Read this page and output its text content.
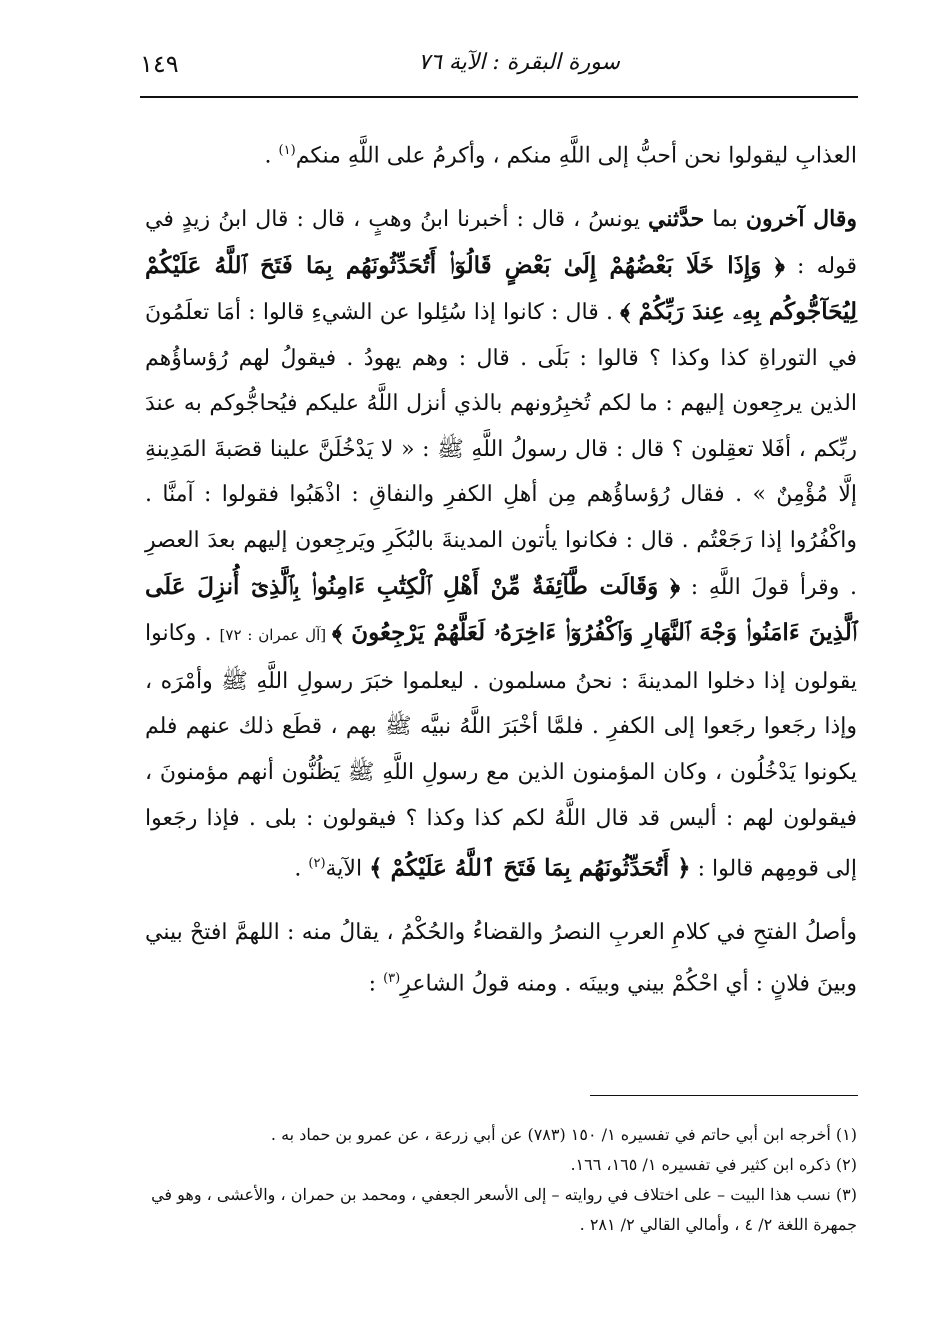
سورة البقرة : الآية ٧٦
١٤٩

العذابِ ليقولوا نحن أحبُّ إلى اللَّهِ منكم ، وأكرمُ على اللَّهِ منكم$^{(١)}$ .

وقال آخرون بما حدَّثني يونسُ ، قال : أخبرنا ابنُ وهبٍ ، قال : قال ابنُ زيدٍ في قوله : ﴿ وَإِذَا خَلَا بَعْضُهُمْ إِلَىٰ بَعْضٍ قَالُوٓا۟ أَتُحَدِّثُونَهُم بِمَا فَتَحَ ٱللَّهُ عَلَيْكُمْ لِيُحَآجُّوكُم بِهِۦ عِندَ رَبِّكُمْ ﴾ . قال : كانوا إذا سُئِلوا عن الشيءِ قالوا : أمَا تعلَمُونَ في التوراةِ كذا وكذا ؟ قالوا : بَلَى . قال : وهم يهودُ . فيقولُ لهم رُؤساؤُهم الذين يرجِعون إليهم : ما لكم تُخبِرُونهم بالذي أنزل اللَّهُ عليكم فيُحاجُّوكم به عندَ ربِّكم ، أفَلا تعقِلون ؟ قال : قال رسولُ اللَّهِ ﷺ : « لا يَدْخُلَنَّ علينا قصَبةَ المَدِينةِ إلَّا مُؤْمِنٌ » . فقال رُؤساؤُهم مِن أهلِ الكفرِ والنفاقِ : اذْهَبُوا فقولوا : آمنَّا . واكْفُرُوا إذا رَجَعْتُم . قال : فكانوا يأتون المدينةَ بالبُكَرِ ويَرجِعون إليهم بعدَ العصرِ . وقرأ قولَ اللَّهِ : ﴿ وَقَالَت طَّآئِفَةٌ مِّنْ أَهْلِ ٱلْكِتَٰبِ ءَامِنُوا۟ بِٱلَّذِىٓ أُنزِلَ عَلَى ٱلَّذِينَ ءَامَنُوا۟ وَجْهَ ٱلنَّهَارِ وَٱكْفُرُوٓا۟ ءَاخِرَهُۥ لَعَلَّهُمْ يَرْجِعُونَ ﴾ [آل عمران : ٧٢] . وكانوا يقولون إذا دخلوا المدينةَ : نحنُ مسلمون . ليعلموا خبَرَ رسولِ اللَّهِ ﷺ وأمْرَه ، وإذا رجَعوا رجَعوا إلى الكفرِ . فلمَّا أخْبَرَ اللَّهُ نبيَّه ﷺ بهم ، قطَع ذلك عنهم فلم يكونوا يَدْخُلُون ، وكان المؤمنون الذين مع رسولِ اللَّهِ ﷺ يَظُنُّون أنهم مؤمنونَ ، فيقولون لهم : أليس قد قال اللَّهُ لكم كذا وكذا ؟ فيقولون : بلى . فإذا رجَعوا إلى قومِهم قالوا : ﴿ أَتُحَدِّثُونَهُم بِمَا فَتَحَ ٱللَّهُ عَلَيْكُمْ ﴾ الآية$^{(٢)}$ .

وأصلُ الفتحِ في كلامِ العربِ النصرُ والقضاءُ والحُكْمُ ، يقالُ منه : اللهمَّ افتحْ بيني وبينَ فلانٍ : أي احْكُمْ بيني وبينَه . ومنه قولُ الشاعرِ$^{(٣)}$ :

(١) أخرجه ابن أبي حاتم في تفسيره ١/ ١٥٠ (٧٨٣) عن أبي زرعة ، عن عمرو بن حماد به .

(٢) ذكره ابن كثير في تفسيره ١/ ١٦٥، ١٦٦.

(٣) نسب هذا البيت – على اختلاف في روايته – إلى الأسعر الجعفي ، ومحمد بن حمران ، والأعشى ، وهو في جمهرة اللغة ٢/ ٤ ، وأمالي القالي ٢/ ٢٨١ .
